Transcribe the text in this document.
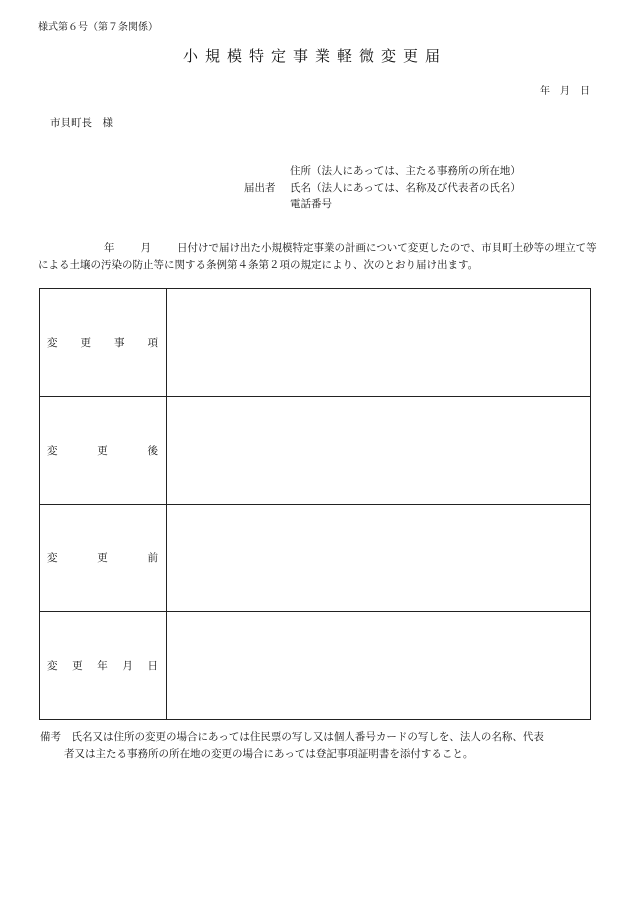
様式第６号（第７条関係）
小規模特定事業軽微変更届
年　月　日
市貝町長　様
住所（法人にあっては、主たる事務所の所在地）
届出者 氏名（法人にあっては、名称及び代表者の氏名）
電話番号
年 月 日付けで届け出た小規模特定事業の計画について変更したので、市貝町土砂等の埋立て等による土壌の汚染の防止等に関する条例第４条第２項の規定により、次のとおり届け出ます。
変 更 事 項	

変 更 後	

変 更 前	

変 更 年 月 日	

備考　氏名又は住所の変更の場合にあっては住民票の写し又は個人番号カードの写しを、法人の名称、代表
者又は主たる事務所の所在地の変更の場合にあっては登記事項証明書を添付すること。
